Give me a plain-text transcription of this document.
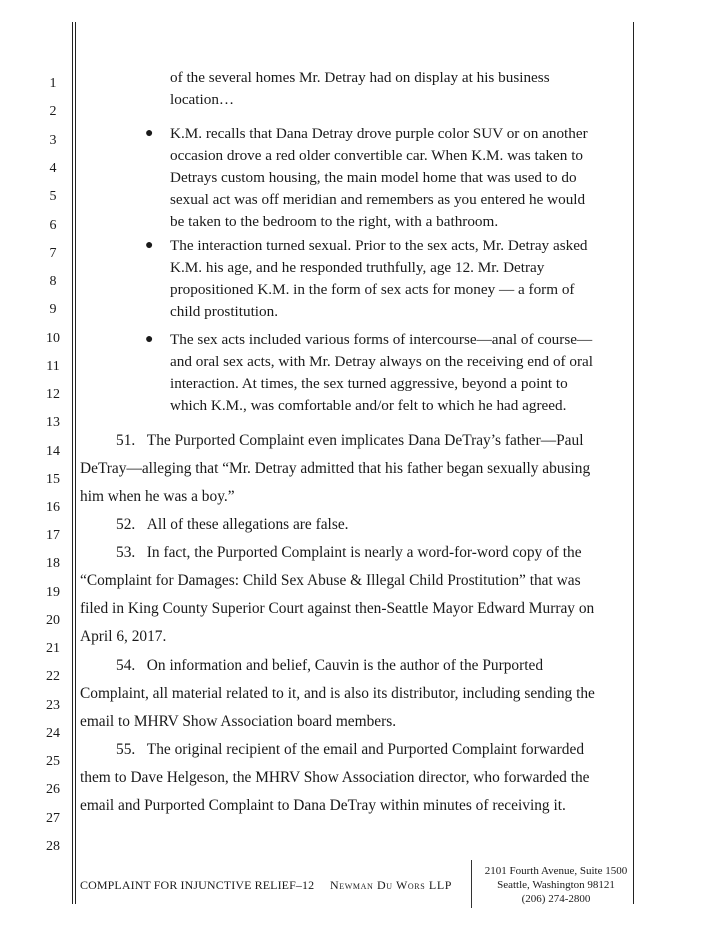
1
2
3
4
5
6
7
8
9
10
11
12
13
14
15
16
17
18
19
20
21
22
23
24
25
26
27
28
of the several homes Mr. Detray had on display at his business
location…
● K.M. recalls that Dana Detray drove purple color SUV or on another
occasion drove a red older convertible car. When K.M. was taken to
Detrays custom housing, the main model home that was used to do
sexual act was off meridian and remembers as you entered he would
be taken to the bedroom to the right, with a bathroom.
● The interaction turned sexual. Prior to the sex acts, Mr. Detray asked
K.M. his age, and he responded truthfully, age 12. Mr. Detray
propositioned K.M. in the form of sex acts for money — a form of
child prostitution.
● The sex acts included various forms of intercourse—anal of course—
and oral sex acts, with Mr. Detray always on the receiving end of oral
interaction. At times, the sex turned aggressive, beyond a point to
which K.M., was comfortable and/or felt to which he had agreed.
51. The Purported Complaint even implicates Dana DeTray’s father—Paul
DeTray—alleging that “Mr. Detray admitted that his father began sexually abusing
him when he was a boy.”
52. All of these allegations are false.
53. In fact, the Purported Complaint is nearly a word-for-word copy of the
“Complaint for Damages: Child Sex Abuse & Illegal Child Prostitution” that was
filed in King County Superior Court against then-Seattle Mayor Edward Murray on
April 6, 2017.
54. On information and belief, Cauvin is the author of the Purported
Complaint, all material related to it, and is also its distributor, including sending the
email to MHRV Show Association board members.
55. The original recipient of the email and Purported Complaint forwarded
them to Dave Helgeson, the MHRV Show Association director, who forwarded the
email and Purported Complaint to Dana DeTray within minutes of receiving it.
COMPLAINT FOR INJUNCTIVE RELIEF–12 Newman Du Wors LLP
2101 Fourth Avenue, Suite 1500
Seattle, Washington 98121
(206) 274-2800
